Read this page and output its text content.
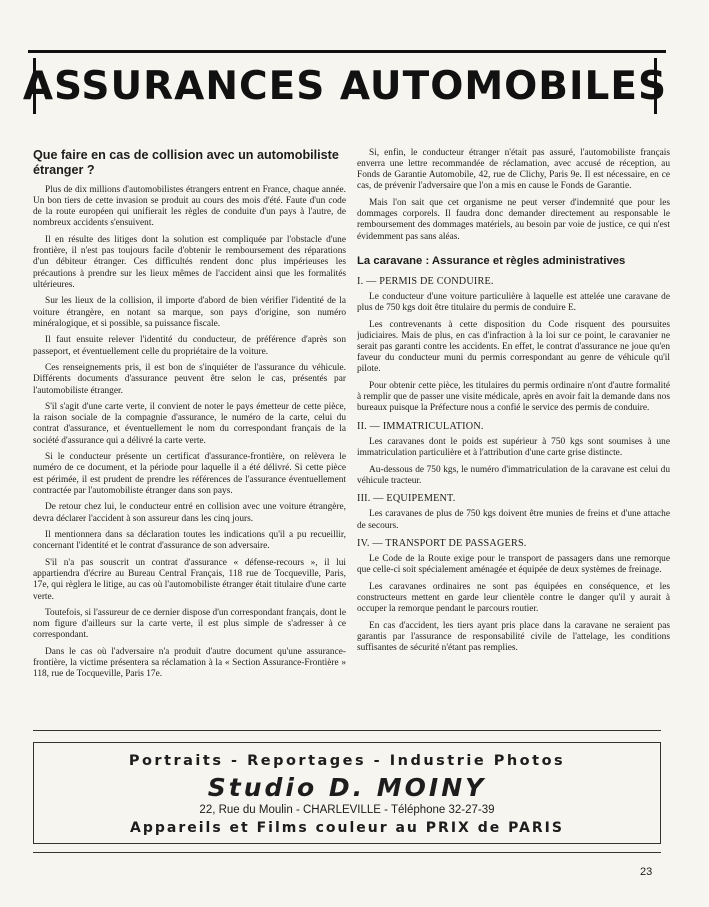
ASSURANCES AUTOMOBILES
Que faire en cas de collision avec un automobiliste étranger ?

Plus de dix millions d'automobilistes étrangers entrent en France, chaque année. Un bon tiers de cette invasion se produit au cours des mois d'été. Faute d'un code de la route européen qui unifierait les règles de conduite d'un pays à l'autre, de nombreux accidents s'ensuivent.

Il en résulte des litiges dont la solution est compliquée par l'obstacle d'une frontière, il n'est pas toujours facile d'obtenir le remboursement des réparations d'un débiteur étranger. Ces difficultés rendent donc plus impérieuses les précautions à prendre sur les lieux mêmes de l'accident ainsi que les formalités ultérieures.

Sur les lieux de la collision, il importe d'abord de bien vérifier l'identité de la voiture étrangère, en notant sa marque, son pays d'origine, son numéro minéralogique, et si possible, sa puissance fiscale.

Il faut ensuite relever l'identité du conducteur, de préférence d'après son passeport, et éventuellement celle du propriétaire de la voiture.

Ces renseignements pris, il est bon de s'inquiéter de l'assurance du véhicule. Différents documents d'assurance peuvent être selon le cas, présentés par l'automobiliste étranger.

S'il s'agit d'une carte verte, il convient de noter le pays émetteur de cette pièce, la raison sociale de la compagnie d'assurance, le numéro de la carte, celui du contrat d'assurance, et éventuellement le nom du correspondant français de la société d'assurance qui a délivré la carte verte.

Si le conducteur présente un certificat d'assurance-frontière, on relèvera le numéro de ce document, et la période pour laquelle il a été délivré. Si cette pièce est périmée, il est prudent de prendre les références de l'assurance éventuellement contractée par l'automobiliste étranger dans son pays.

De retour chez lui, le conducteur entré en collision avec une voiture étrangère, devra déclarer l'accident à son assureur dans les cinq jours.

Il mentionnera dans sa déclaration toutes les indications qu'il a pu recueillir, concernant l'identité et le contrat d'assurance de son adversaire.

S'il n'a pas souscrit un contrat d'assurance « défense-recours », il lui appartiendra d'écrire au Bureau Central Français, 118 rue de Tocqueville, Paris, 17e, qui règlera le litige, au cas où l'automobiliste étranger était titulaire d'une carte verte.

Toutefois, si l'assureur de ce dernier dispose d'un correspondant français, dont le nom figure d'ailleurs sur la carte verte, il est plus simple de s'adresser à ce correspondant.

Dans le cas où l'adversaire n'a produit d'autre document qu'une assurance-frontière, la victime présentera sa réclamation à la « Section Assurance-Frontière » 118, rue de Tocqueville, Paris 17e.

Si, enfin, le conducteur étranger n'était pas assuré, l'automobiliste français enverra une lettre recommandée de réclamation, avec accusé de réception, au Fonds de Garantie Automobile, 42, rue de Clichy, Paris 9e. Il est nécessaire, en ce cas, de prévenir l'adversaire que l'on a mis en cause le Fonds de Garantie.

Mais l'on sait que cet organisme ne peut verser d'indemnité que pour les dommages corporels. Il faudra donc demander directement au responsable le remboursement des dommages matériels, au besoin par voie de justice, ce qui n'est évidemment pas sans aléas.

La caravane : Assurance et règles administratives
I. — PERMIS DE CONDUIRE.

Le conducteur d'une voiture particulière à laquelle est attelée une caravane de plus de 750 kgs doit être titulaire du permis de conduire E.

Les contrevenants à cette disposition du Code risquent des poursuites judiciaires. Mais de plus, en cas d'infraction à la loi sur ce point, le caravanier ne serait pas garanti contre les accidents. En effet, le contrat d'assurance ne joue qu'en faveur du conducteur muni du permis correspondant au genre de véhicule qu'il pilote.

Pour obtenir cette pièce, les titulaires du permis ordinaire n'ont d'autre formalité à remplir que de passer une visite médicale, après en avoir fait la demande dans nos bureaux puisque la Préfecture nous a confié le service des permis de conduire.

II. — IMMATRICULATION.

Les caravanes dont le poids est supérieur à 750 kgs sont soumises à une immatriculation particulière et à l'attribution d'une carte grise distincte.

Au-dessous de 750 kgs, le numéro d'immatriculation de la caravane est celui du véhicule tracteur.

III. — EQUIPEMENT.

Les caravanes de plus de 750 kgs doivent être munies de freins et d'une attache de secours.

IV. — TRANSPORT DE PASSAGERS.

Le Code de la Route exige pour le transport de passagers dans une remorque que celle-ci soit spécialement aménagée et équipée de deux systèmes de freinage.

Les caravanes ordinaires ne sont pas équipées en conséquence, et les constructeurs mettent en garde leur clientèle contre le danger qu'il y aurait à occuper la remorque pendant le parcours routier.

En cas d'accident, les tiers ayant pris place dans la caravane ne seraient pas garantis par l'assurance de responsabilité civile de l'attelage, les conditions suffisantes de sécurité n'étant pas remplies.

Portraits - Reportages - Industrie Photos
Studio D. MOINY
22, Rue du Moulin - CHARLEVILLE - Téléphone 32-27-39
Appareils et Films couleur au PRIX de PARIS
23
